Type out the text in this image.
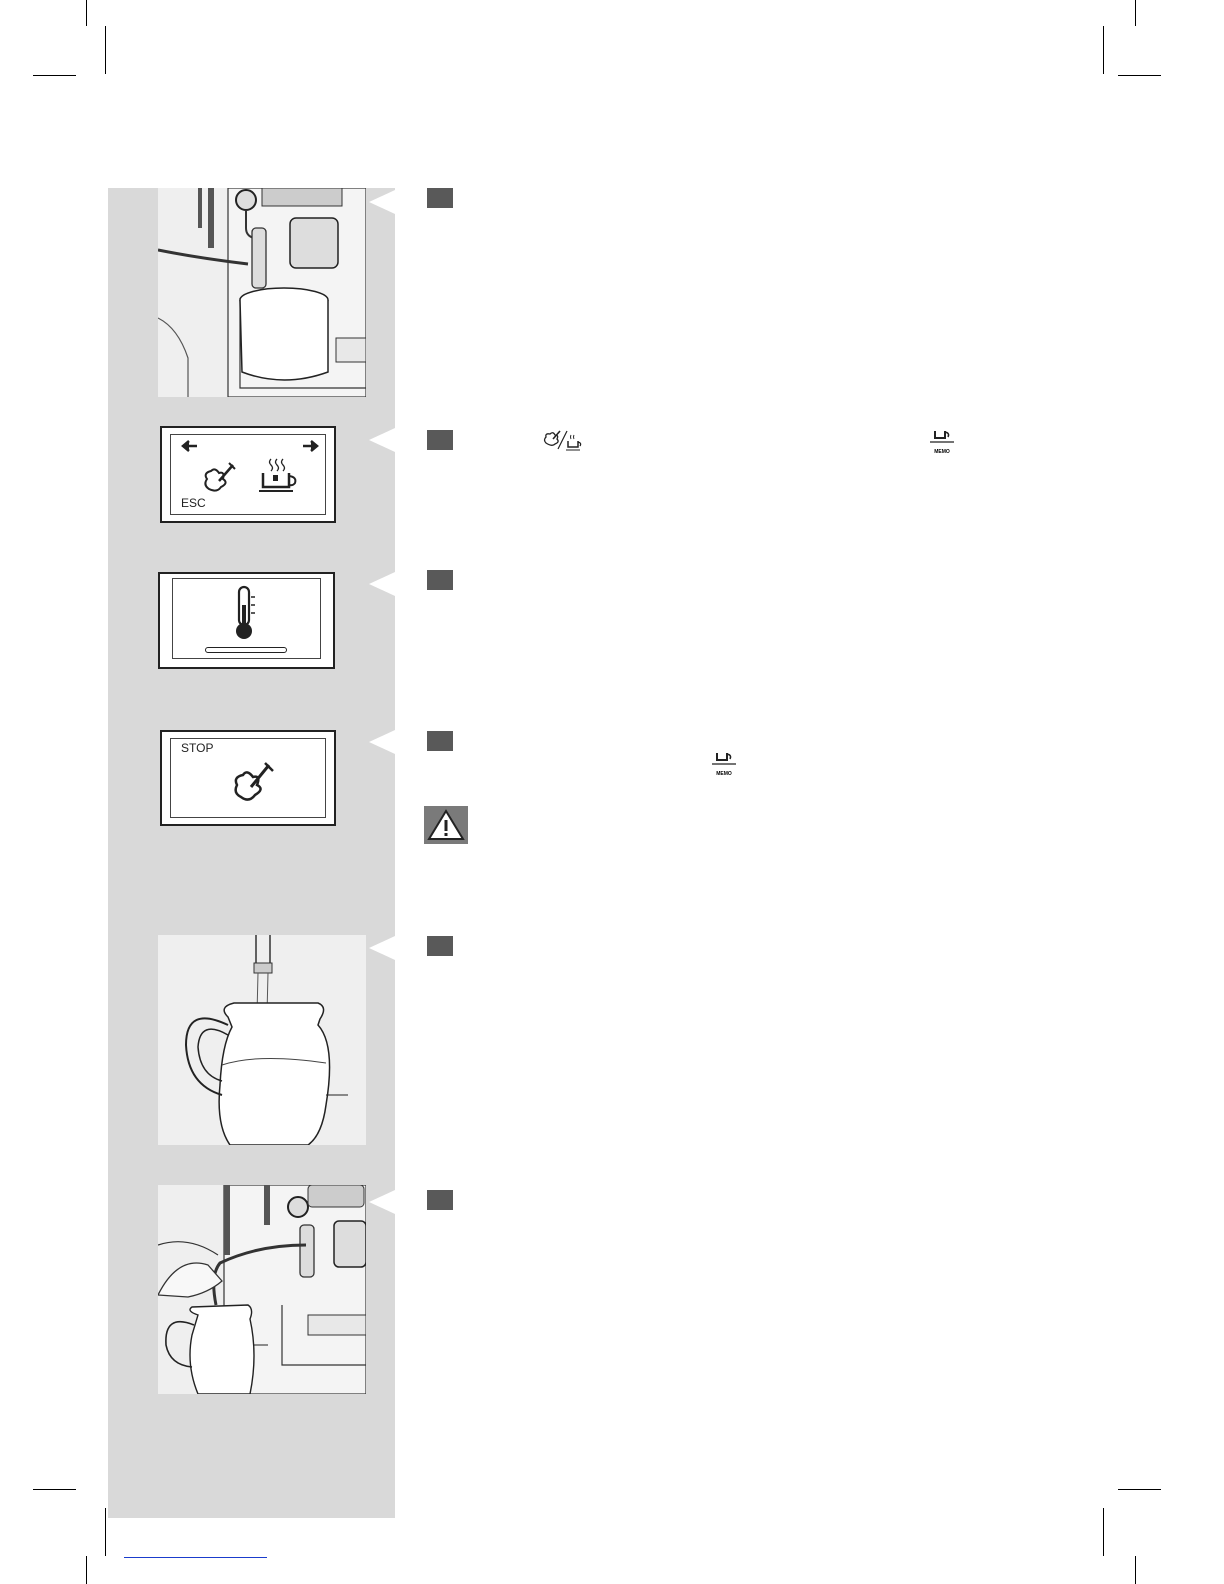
ESC
MEMO
STOP
MEMO
